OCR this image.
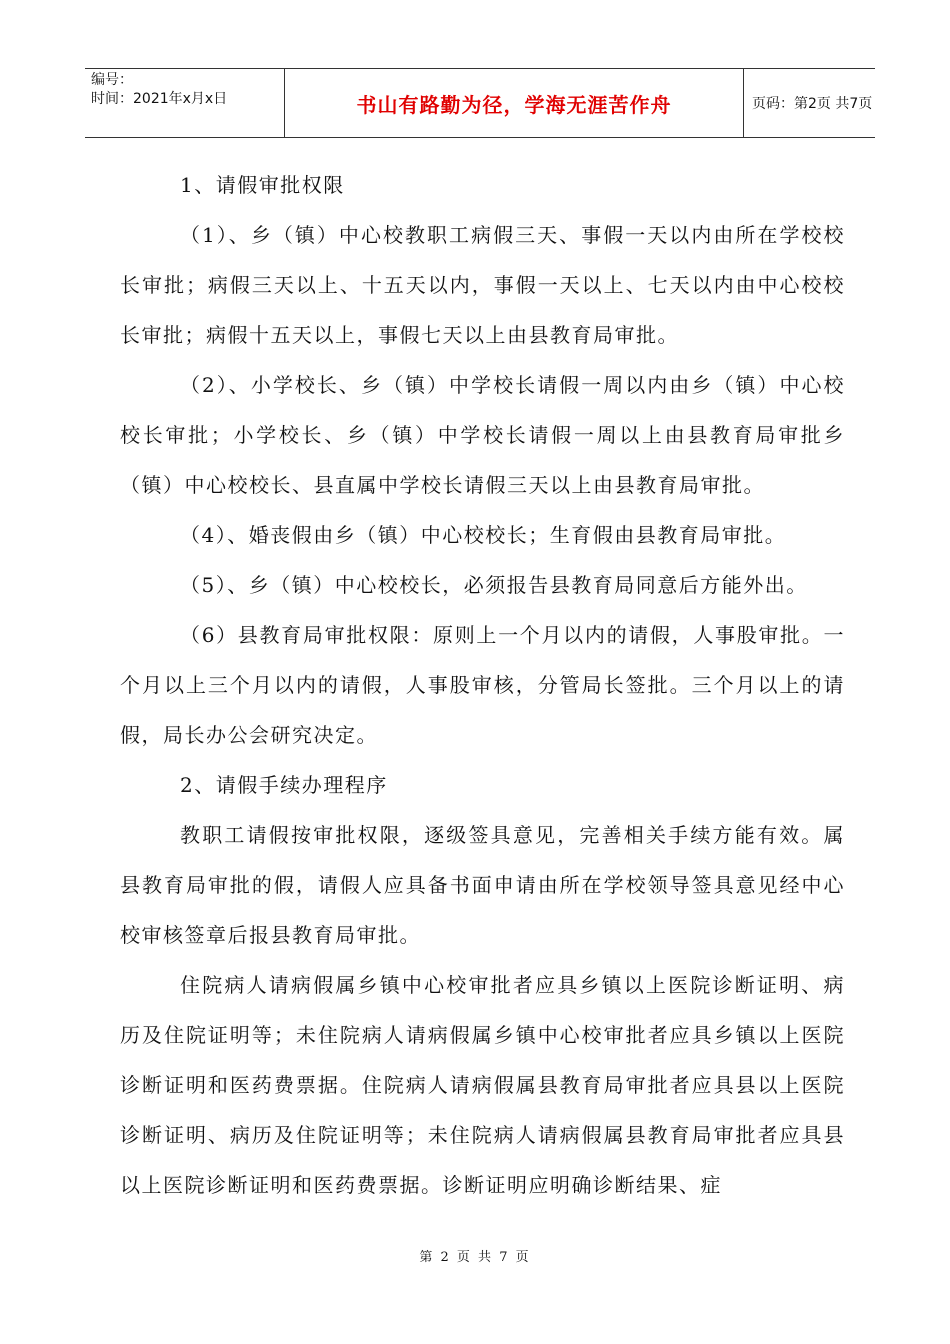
编号：
时间：2021年x月x日	书山有路勤为径，学海无涯苦作舟	页码：第2页 共7页

1、请假审批权限

（1）、乡（镇）中心校教职工病假三天、事假一天以内由所在学校校长审批；病假三天以上、十五天以内，事假一天以上、七天以内由中心校校长审批；病假十五天以上，事假七天以上由县教育局审批。

（2）、小学校长、乡（镇）中学校长请假一周以内由乡（镇）中心校校长审批；小学校长、乡（镇）中学校长请假一周以上由县教育局审批乡（镇）中心校校长、县直属中学校长请假三天以上由县教育局审批。

（4）、婚丧假由乡（镇）中心校校长；生育假由县教育局审批。

（5）、乡（镇）中心校校长，必须报告县教育局同意后方能外出。

（6）县教育局审批权限：原则上一个月以内的请假，人事股审批。一个月以上三个月以内的请假，人事股审核，分管局长签批。三个月以上的请假，局长办公会研究决定。

2、请假手续办理程序

教职工请假按审批权限，逐级签具意见，完善相关手续方能有效。属县教育局审批的假，请假人应具备书面申请由所在学校领导签具意见经中心校审核签章后报县教育局审批。

住院病人请病假属乡镇中心校审批者应具乡镇以上医院诊断证明、病历及住院证明等；未住院病人请病假属乡镇中心校审批者应具乡镇以上医院诊断证明和医药费票据。住院病人请病假属县教育局审批者应具县以上医院诊断证明、病历及住院证明等；未住院病人请病假属县教育局审批者应具县以上医院诊断证明和医药费票据。诊断证明应明确诊断结果、症

第 2 页 共 7 页
